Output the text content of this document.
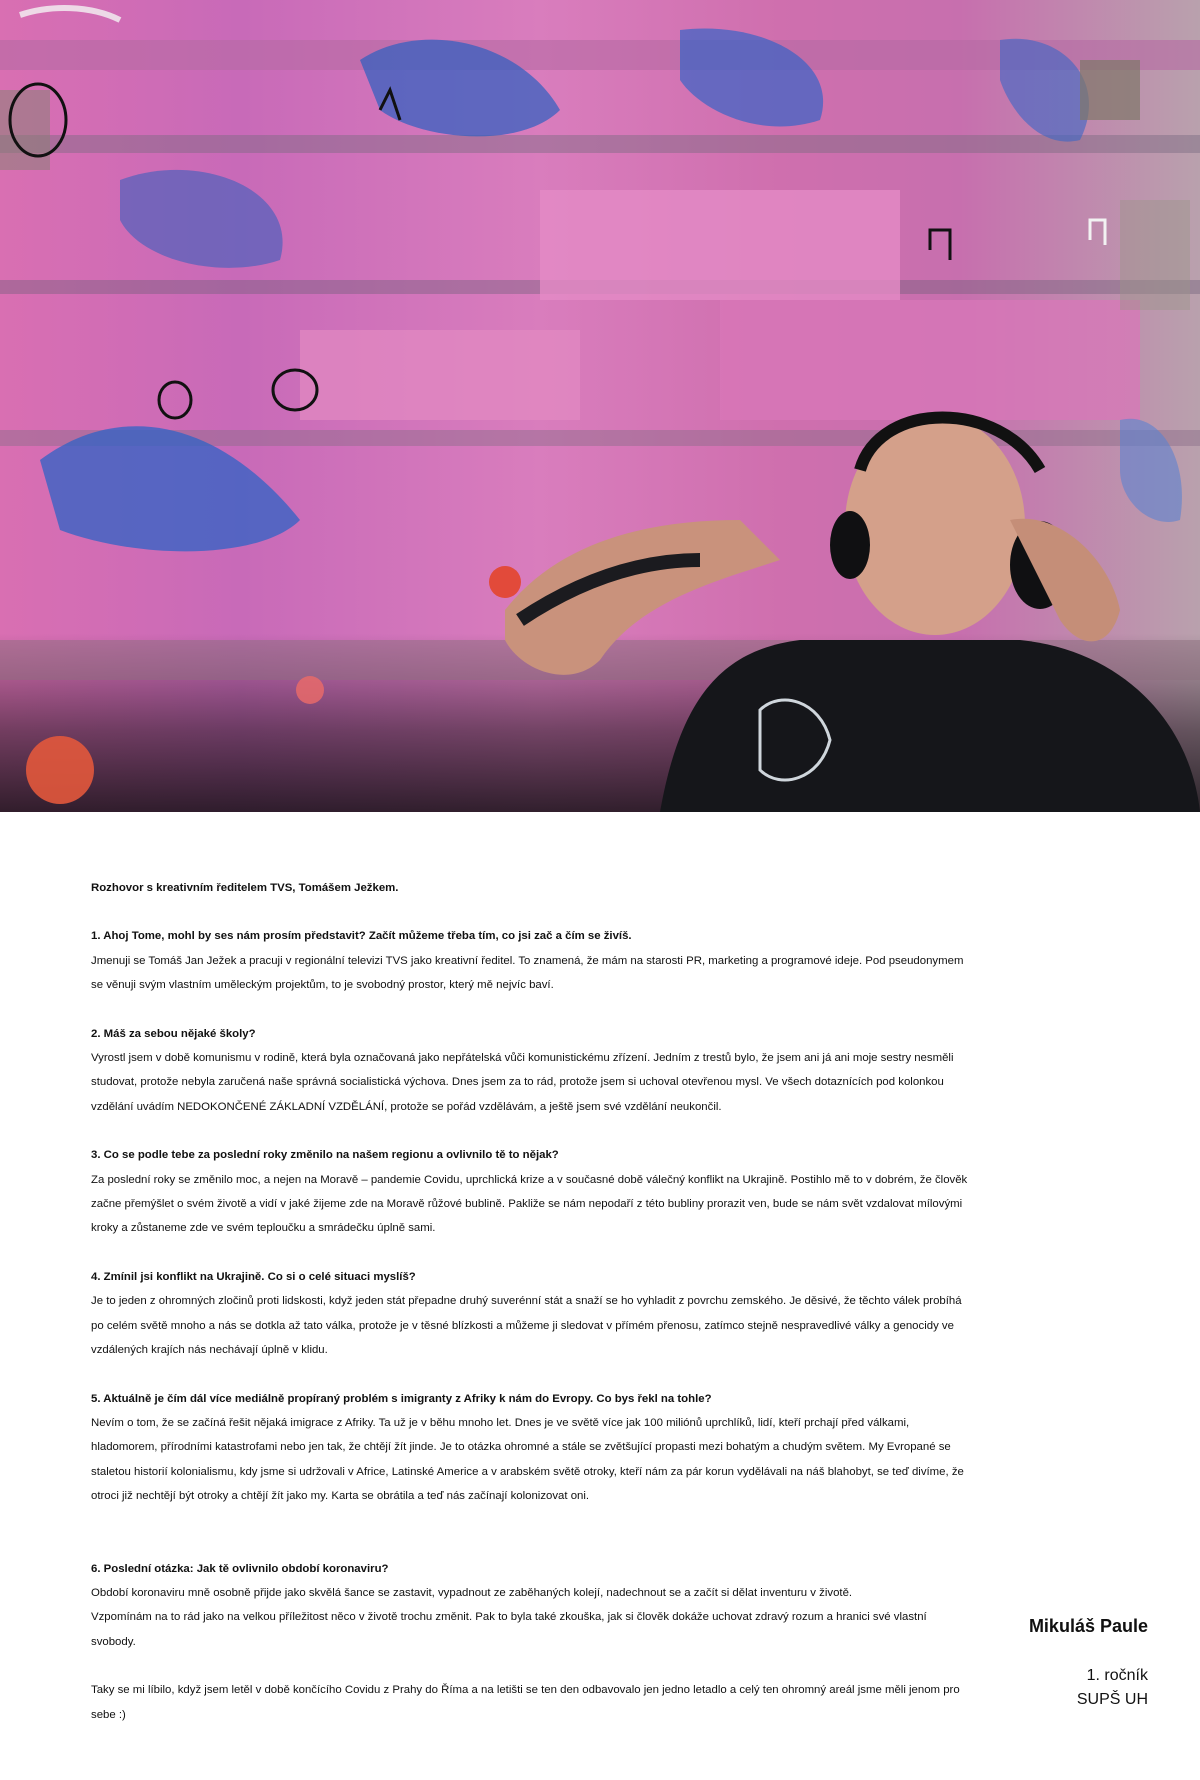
Rozhovor s kreativním ředitelem TVS, Tomášem Ježkem.

1. Ahoj Tome, mohl by ses nám prosím představit? Začít můžeme třeba tím, co jsi zač a čím se živíš.

Jmenuji se Tomáš Jan Ježek a pracuji v regionální televizi TVS jako kreativní ředitel. To znamená, že mám na starosti PR, marketing a programové ideje. Pod pseudonymem se věnuji svým vlastním uměleckým projektům, to je svobodný prostor, který mě nejvíc baví.

2. Máš za sebou nějaké školy?

Vyrostl jsem v době komunismu v rodině, která byla označovaná jako nepřátelská vůči komunistickému zřízení. Jedním z trestů bylo, že jsem ani já ani moje sestry nesměli studovat, protože nebyla zaručená naše správná socialistická výchova. Dnes jsem za to rád, protože jsem si uchoval otevřenou mysl. Ve všech dotaznících pod kolonkou vzdělání uvádím NEDOKONČENÉ ZÁKLADNÍ VZDĚLÁNÍ, protože se pořád vzdělávám, a ještě jsem své vzdělání neukončil.

3. Co se podle tebe za poslední roky změnilo na našem regionu a ovlivnilo tě to nějak?

Za poslední roky se změnilo moc, a nejen na Moravě – pandemie Covidu, uprchlická krize a v současné době válečný konflikt na Ukrajině. Postihlo mě to v dobrém, že člověk začne přemýšlet o svém životě a vidí v jaké žijeme zde na Moravě růžové bublině. Pakliže se nám nepodaří z této bubliny prorazit ven, bude se nám svět vzdalovat mílovými kroky a zůstaneme zde ve svém teploučku a smrádečku úplně sami.

4. Zmínil jsi konflikt na Ukrajině. Co si o celé situaci myslíš?

Je to jeden z ohromných zločinů proti lidskosti, když jeden stát přepadne druhý suverénní stát a snaží se ho vyhladit z povrchu zemského. Je děsivé, že těchto válek probíhá po celém světě mnoho a nás se dotkla až tato válka, protože je v těsné blízkosti a můžeme ji sledovat v přímém přenosu, zatímco stejně nespravedlivé války a genocidy ve vzdálených krajích nás nechávají úplně v klidu.

5. Aktuálně je čím dál více mediálně propíraný problém s imigranty z Afriky k nám do Evropy. Co bys řekl na tohle?

Nevím o tom, že se začíná řešit nějaká imigrace z Afriky. Ta už je v běhu mnoho let. Dnes je ve světě více jak 100 miliónů uprchlíků, lidí, kteří prchají před válkami, hladomorem, přírodními katastrofami nebo jen tak, že chtějí žít jinde. Je to otázka ohromné a stále se zvětšující propasti mezi bohatým a chudým světem. My Evropané se staletou historií kolonialismu, kdy jsme si udržovali v Africe, Latinské Americe a v arabském světě otroky, kteří nám za pár korun vydělávali na náš blahobyt, se teď divíme, že otroci již nechtějí být otroky a chtějí žít jako my. Karta se obrátila a teď nás začínají kolonizovat oni.

6. Poslední otázka: Jak tě ovlivnilo období koronaviru?

Období koronaviru mně osobně přijde jako skvělá šance se zastavit, vypadnout ze zaběhaných kolejí, nadechnout se a začít si dělat inventuru v životě.

Vzpomínám na to rád jako na velkou příležitost něco v životě trochu změnit. Pak to byla také zkouška, jak si člověk dokáže uchovat zdravý rozum a hranici své vlastní svobody.

Taky se mi líbilo, když jsem letěl v době končícího Covidu z Prahy do Říma a na letišti se ten den odbavovalo jen jedno letadlo a celý ten ohromný areál jsme měli jenom pro sebe :)

Mikuláš Paule
1. ročník
SUPŠ UH
